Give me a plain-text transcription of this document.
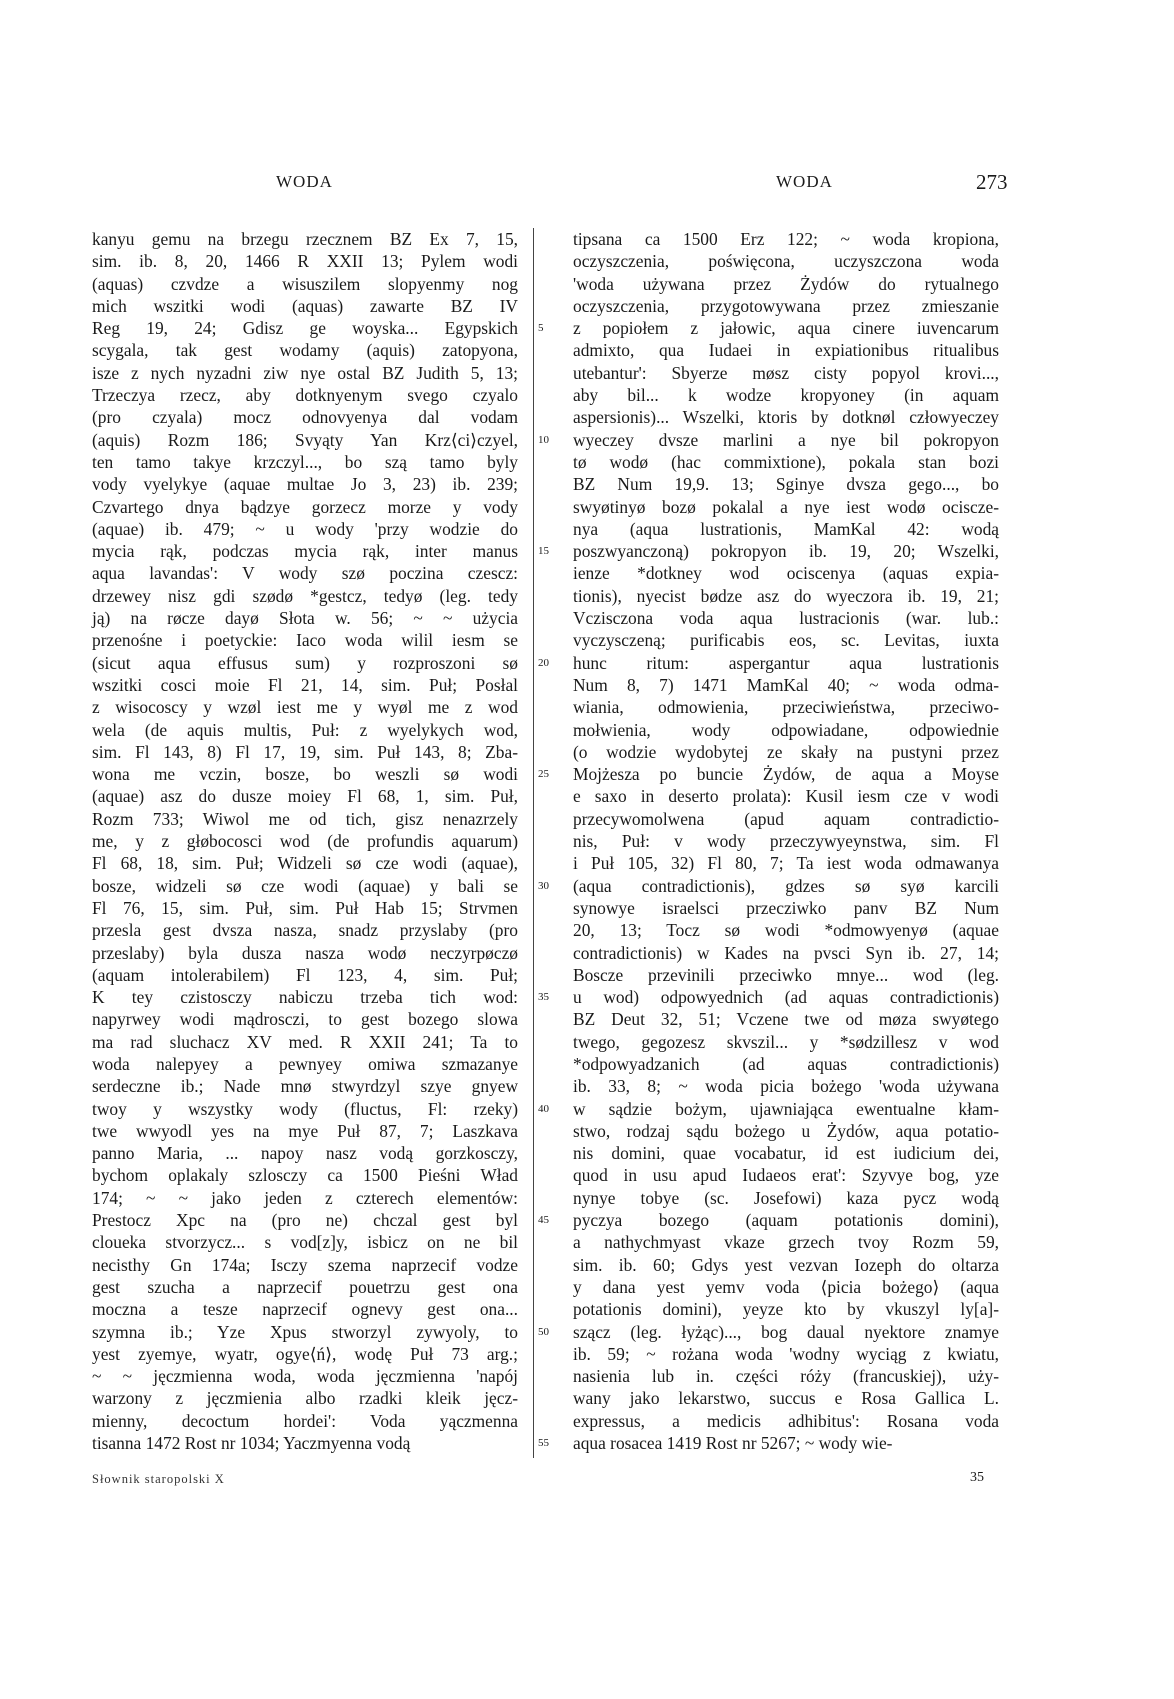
WODA	WODA	273
kanyu gemu na brzegu rzecznem BZ Ex 7, 15,
sim. ib. 8, 20, 1466 R XXII 13; Pylem wodi
(aquas) czvdze a wisuszilem slopyenmy nog
mich wszitki wodi (aquas) zawarte BZ IV
Reg 19, 24; Gdisz ge woyska... Egypskich
scygala, tak gest wodamy (aquis) zatopyona,
isze z nych nyzadni ziw nye ostal BZ Judith 5, 13;
Trzeczya rzecz, aby dotknyenym svego czyalo
(pro czyala) mocz odnovyenya dal vodam
(aquis) Rozm 186; Svyąty Yan Krz⟨ci⟩czyel,
ten tamo takye krzczyl..., bo szą tamo byly
vody vyelykye (aquae multae Jo 3, 23) ib. 239;
Czvartego dnya bądzye gorzecz morze y vody
(aquae) ib. 479; ~ u wody 'przy wodzie do
mycia rąk, podczas mycia rąk, inter manus
aqua lavandas': V wody szø poczina czescz:
drzewey nisz gdi szødø *gestcz, tedyø (leg. tedy
ją) na røcze dayø Słota w. 56; ~ ~ użycia
przenośne i poetyckie: Iaco woda wilil iesm se
(sicut aqua effusus sum) y rozproszoni sø
wszitki cosci moie Fl 21, 14, sim. Puł; Posłal
z wisocoscy y wzøl iest me y wyøl me z wod
wela (de aquis multis, Puł: z wyelykych wod,
sim. Fl 143, 8) Fl 17, 19, sim. Puł 143, 8; Zba-
wona me vczin, bosze, bo weszli sø wodi
(aquae) asz do dusze moiey Fl 68, 1, sim. Puł,
Rozm 733; Wiwol me od tich, gisz nenazrzely
me, y z głøbocosci wod (de profundis aquarum)
Fl 68, 18, sim. Puł; Widzeli sø cze wodi (aquae),
bosze, widzeli sø cze wodi (aquae) y bali se
Fl 76, 15, sim. Puł, sim. Puł Hab 15; Strvmen
przesla gest dvsza nasza, snadz przyslaby (pro
przeslaby) byla dusza nasza wodø neczyrpøczø
(aquam intolerabilem) Fl 123, 4, sim. Puł;
K tey czistosczy nabiczu trzeba tich wod:
napyrwey wodi mądrosczi, to gest bozego slowa
ma rad sluchacz XV med. R XXII 241; Ta to
woda nalepyey a pewnyey omiwa szmazanye
serdeczne ib.; Nade mnø stwyrdzyl szye gnyew
twoy y wszystky wody (fluctus, Fl: rzeky)
twe wwyodl yes na mye Puł 87, 7; Laszkava
panno Maria, ... napoy nasz vodą gorzkosczy,
bychom oplakaly szlosczy ca 1500 Pieśni Wład
174; ~ ~ jako jeden z czterech elementów:
Prestocz Xpc na (pro ne) chczal gest byl
cloueka stvorzycz... s vod[z]y, isbicz on ne bil
necisthy Gn 174a; Isczy szema naprzecif vodze
gest szucha a naprzecif pouetrzu gest ona
moczna a tesze naprzecif ognevy gest ona...
szymna ib.; Yze Xpus stworzyl zywyoly, to
yest zyemye, wyatr, ogye⟨ń⟩, wodę Puł 73 arg.;
~ ~ jęczmienna woda, woda jęczmienna 'napój
warzony z jęczmienia albo rzadki kleik jęcz-
mienny, decoctum hordei': Voda yączmenna
tisanna 1472 Rost nr 1034; Yaczmyenna vodą
5
10
15
20
25
30
35
40
45
50
55
tipsana ca 1500 Erz 122; ~ woda kropiona,
oczyszczenia, poświęcona, uczyszczona woda
'woda używana przez Żydów do rytualnego
oczyszczenia, przygotowywana przez zmieszanie
z popiołem z jałowic, aqua cinere iuvencarum
admixto, qua Iudaei in expiationibus ritualibus
utebantur': Sbyerze møsz cisty popyol krovi...,
aby bil... k wodze kropyoney (in aquam
aspersionis)... Wszelki, ktoris by dotknøl człowyeczey
wyeczey dvsze marlini a nye bil pokropyon
tø wodø (hac commixtione), pokala stan bozi
BZ Num 19,9. 13; Sginye dvsza gego..., bo
swyøtinyø bozø pokalal a nye iest wodø ociscze-
nya (aqua lustrationis, MamKal 42: wodą
poszwyanczoną) pokropyon ib. 19, 20; Wszelki,
ienze *dotkney wod ociscenya (aquas expia-
tionis), nyecist bødze asz do wyeczora ib. 19, 21;
Vczisczona voda aqua lustracionis (war. lub.:
vyczysczeną; purificabis eos, sc. Levitas, iuxta
hunc ritum: aspergantur aqua lustrationis
Num 8, 7) 1471 MamKal 40; ~ woda odma-
wiania, odmowienia, przeciwieństwa, przeciwo-
mołwienia, wody odpowiadane, odpowiednie
(o wodzie wydobytej ze skały na pustyni przez
Mojżesza po buncie Żydów, de aqua a Moyse
e saxo in deserto prolata): Kusil iesm cze v wodi
przecywomolwena (apud aquam contradictio-
nis, Puł: v wody przeczywyeynstwa, sim. Fl
i Puł 105, 32) Fl 80, 7; Ta iest woda odmawanya
(aqua contradictionis), gdzes sø syø karcili
synowye israelsci przecziwko panv BZ Num
20, 13; Tocz sø wodi *odmowyenyø (aquae
contradictionis) w Kades na pvsci Syn ib. 27, 14;
Boscze przevinili przeciwko mnye... wod (leg.
u wod) odpowyednich (ad aquas contradictionis)
BZ Deut 32, 51; Vczene twe od møza swyøtego
twego, gegozesz skvszil... y *sødzillesz v wod
*odpowyadzanich (ad aquas contradictionis)
ib. 33, 8; ~ woda picia bożego 'woda używana
w sądzie bożym, ujawniająca ewentualne kłam-
stwo, rodzaj sądu bożego u Żydów, aqua potatio-
nis domini, quae vocabatur, id est iudicium dei,
quod in usu apud Iudaeos erat': Szyvye bog, yze
nynye tobye (sc. Josefowi) kaza pycz wodą
pyczya bozego (aquam potationis domini),
a nathychmyast vkaze grzech tvoy Rozm 59,
sim. ib. 60; Gdys yest vezvan Iozeph do oltarza
y dana yest yemv voda ⟨picia bożego⟩ (aqua
potationis domini), yeyze kto by vkuszyl ly[a]-
szącz (leg. łyżąc)..., bog daual nyektore znamye
ib. 59; ~ rożana woda 'wodny wyciąg z kwiatu,
nasienia lub in. części róży (francuskiej), uży-
wany jako lekarstwo, succus e Rosa Gallica L.
expressus, a medicis adhibitus': Rosana voda
aqua rosacea 1419 Rost nr 5267; ~ wody wie-
Słownik staropolski X	35
